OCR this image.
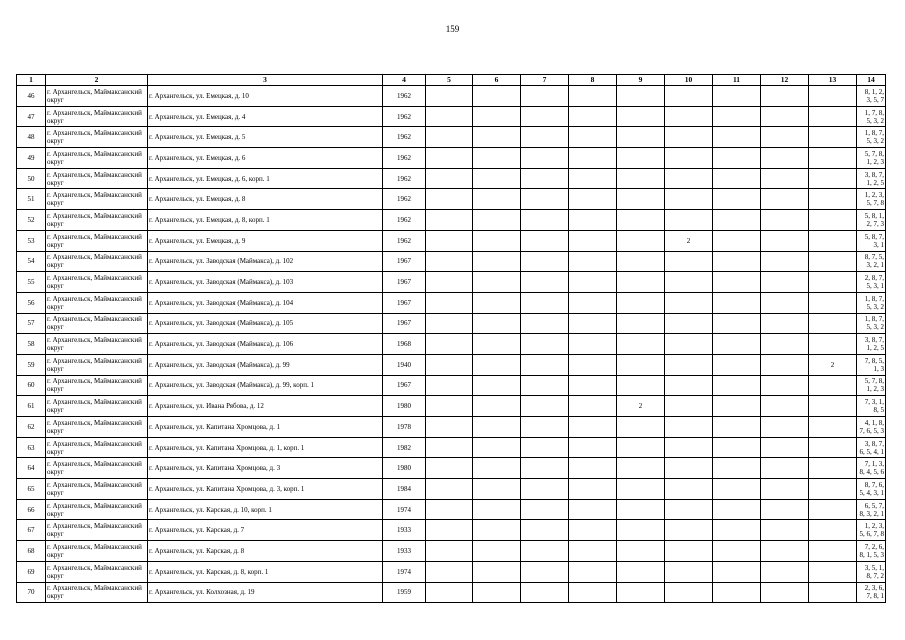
159
1	2	3	4	5	6	7	8	9	10	11	12	13	14
46	г. Архангельск, Маймаксанский округ	г. Архангельск, ул. Емецкая, д. 10	1962										8, 1, 2, 3, 5, 7
47	г. Архангельск, Маймаксанский округ	г. Архангельск, ул. Емецкая, д. 4	1962										1, 7, 8, 5, 3, 2
48	г. Архангельск, Маймаксанский округ	г. Архангельск, ул. Емецкая, д. 5	1962										1, 8, 7, 5, 3, 2
49	г. Архангельск, Маймаксанский округ	г. Архангельск, ул. Емецкая, д. 6	1962										5, 7, 8, 1, 2, 3
50	г. Архангельск, Маймаксанский округ	г. Архангельск, ул. Емецкая, д. 6, корп. 1	1962										3, 8, 7, 1, 2, 5
51	г. Архангельск, Маймаксанский округ	г. Архангельск, ул. Емецкая, д. 8	1962										1, 2, 3, 5, 7, 8
52	г. Архангельск, Маймаксанский округ	г. Архангельск, ул. Емецкая, д. 8, корп. 1	1962										5, 8, 1, 2, 7, 3
53	г. Архангельск, Маймаксанский округ	г. Архангельск, ул. Емецкая, д. 9	1962						2				5, 8, 7, 3, 1
54	г. Архангельск, Маймаксанский округ	г. Архангельск, ул. Заводская (Маймакса), д. 102	1967										8, 7, 5, 3, 2, 1
55	г. Архангельск, Маймаксанский округ	г. Архангельск, ул. Заводская (Маймакса), д. 103	1967										2, 8, 7, 5, 3, 1
56	г. Архангельск, Маймаксанский округ	г. Архангельск, ул. Заводская (Маймакса), д. 104	1967										1, 8, 7, 5, 3, 2
57	г. Архангельск, Маймаксанский округ	г. Архангельск, ул. Заводская (Маймакса), д. 105	1967										1, 8, 7, 5, 3, 2
58	г. Архангельск, Маймаксанский округ	г. Архангельск, ул. Заводская (Маймакса), д. 106	1968										3, 8, 7, 1, 2, 5
59	г. Архангельск, Маймаксанский округ	г. Архангельск, ул. Заводская (Маймакса), д. 99	1940									2	7, 8, 5, 1, 3
60	г. Архангельск, Маймаксанский округ	г. Архангельск, ул. Заводская (Маймакса), д. 99, корп. 1	1967										5, 7, 8, 1, 2, 3
61	г. Архангельск, Маймаксанский округ	г. Архангельск, ул. Ивана Рябова, д. 12	1980					2					7, 3, 1, 8, 5
62	г. Архангельск, Маймаксанский округ	г. Архангельск, ул. Капитана Хромцова, д. 1	1978										4, 1, 8, 7, 6, 5, 3
63	г. Архангельск, Маймаксанский округ	г. Архангельск, ул. Капитана Хромцова, д. 1, корп. 1	1982										3, 8, 7, 6, 5, 4, 1
64	г. Архангельск, Маймаксанский округ	г. Архангельск, ул. Капитана Хромцова, д. 3	1980										7, 1, 3, 8, 4, 5, 6
65	г. Архангельск, Маймаксанский округ	г. Архангельск, ул. Капитана Хромцова, д. 3, корп. 1	1984										8, 7, 6, 5, 4, 3, 1
66	г. Архангельск, Маймаксанский округ	г. Архангельск, ул. Карская, д. 10, корп. 1	1974										6, 5, 7, 8, 3, 2, 1
67	г. Архангельск, Маймаксанский округ	г. Архангельск, ул. Карская, д. 7	1933										1, 2, 3, 5, 6, 7, 8
68	г. Архангельск, Маймаксанский округ	г. Архангельск, ул. Карская, д. 8	1933										7, 2, 6, 8, 1, 5, 3
69	г. Архангельск, Маймаксанский округ	г. Архангельск, ул. Карская, д. 8, корп. 1	1974										3, 5, 1, 8, 7, 2
70	г. Архангельск, Маймаксанский округ	г. Архангельск, ул. Колхозная, д. 19	1959										2, 3, 6, 7, 8, 1
